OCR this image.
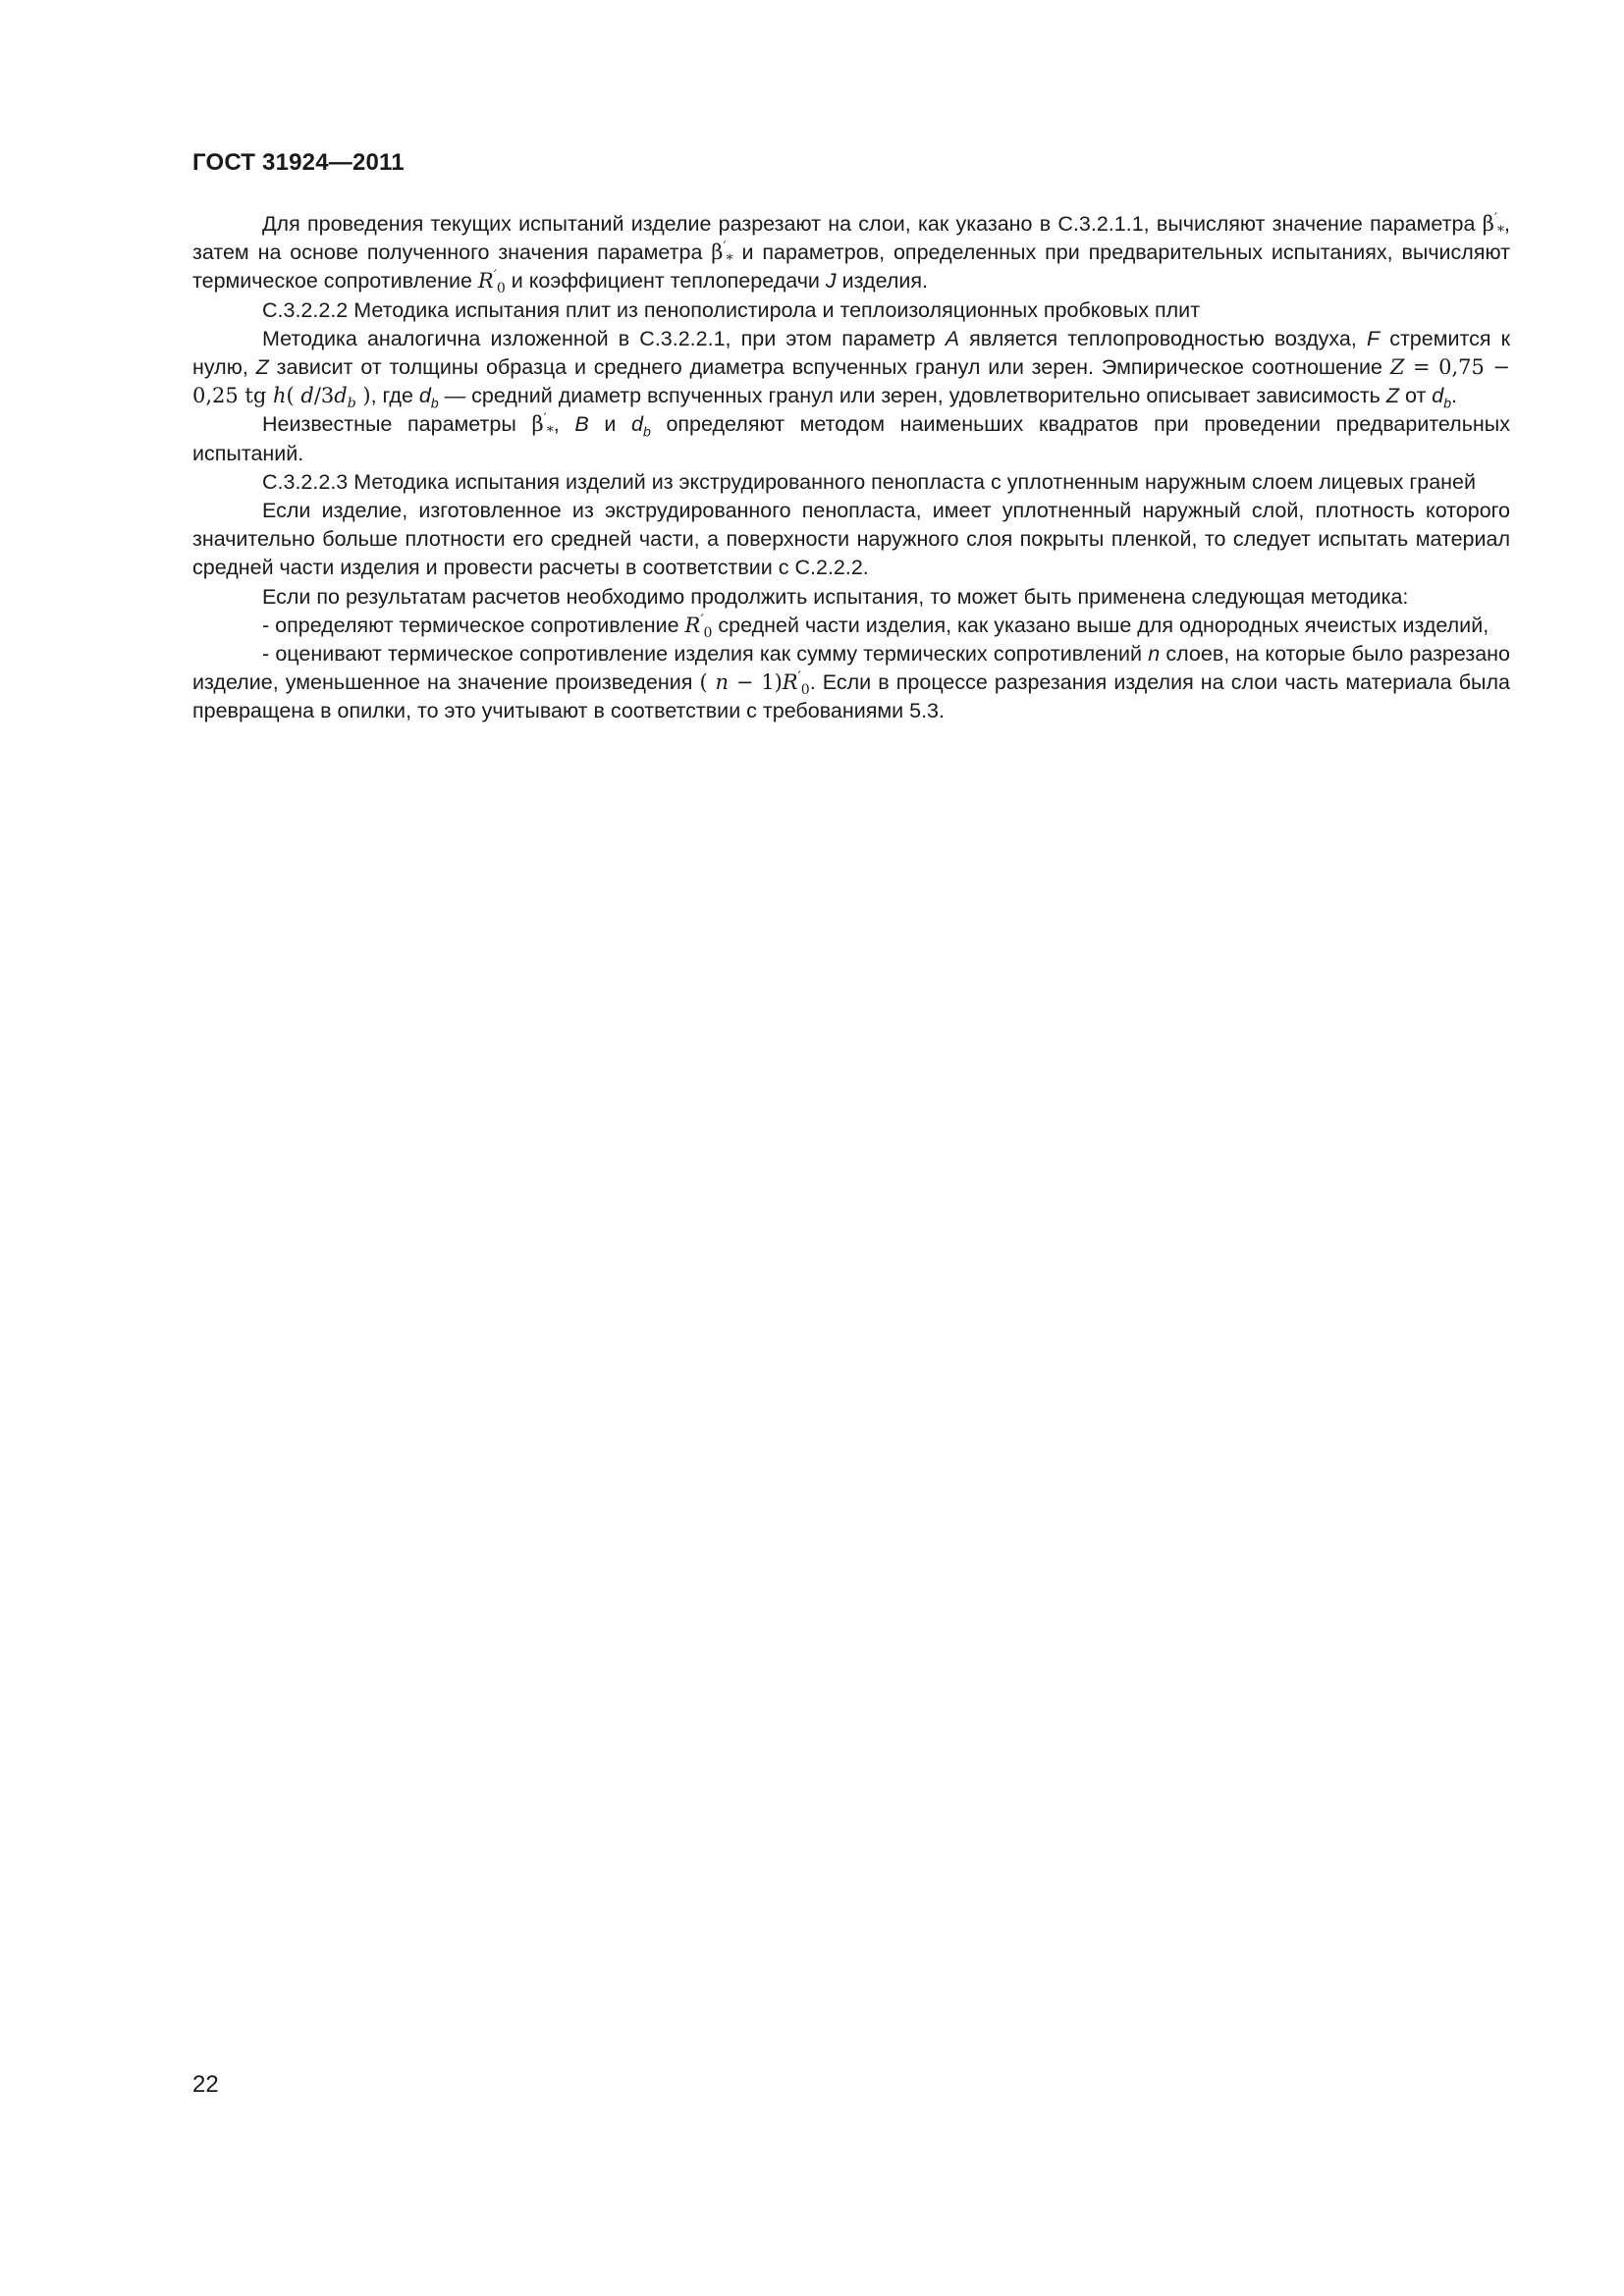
ГОСТ 31924—2011

Для проведения текущих испытаний изделие разрезают на слои, как указано в С.3.2.1.1, вычисляют значение параметра $\beta'_*$, затем на основе полученного значения параметра $\beta'_*$ и параметров, определенных при предварительных испытаниях, вычисляют термическое сопротивление $R'_0$ и коэффициент теплопередачи J изделия.

С.3.2.2.2 Методика испытания плит из пенополистирола и теплоизоляционных пробковых плит

Методика аналогична изложенной в С.3.2.2.1, при этом параметр A является теплопроводностью воздуха, F стремится к нулю, Z зависит от толщины образца и среднего диаметра вспученных гранул или зерен. Эмпирическое соотношение Z = 0,75 − 0,25 tg h( $d/3d_b$ ), где $d_b$ — средний диаметр вспученных гранул или зерен, удовлетворительно описывает зависимость Z от $d_b$.

Неизвестные параметры $\beta'_*$, B и $d_b$ определяют методом наименьших квадратов при проведении предварительных испытаний.

С.3.2.2.3 Методика испытания изделий из экструдированного пенопласта с уплотненным наружным слоем лицевых граней

Если изделие, изготовленное из экструдированного пенопласта, имеет уплотненный наружный слой, плотность которого значительно больше плотности его средней части, а поверхности наружного слоя покрыты пленкой, то следует испытать материал средней части изделия и провести расчеты в соответствии с С.2.2.2.

Если по результатам расчетов необходимо продолжить испытания, то может быть применена следующая методика:

- определяют термическое сопротивление $R'_0$ средней части изделия, как указано выше для однородных ячеистых изделий,

- оценивают термическое сопротивление изделия как сумму термических сопротивлений n слоев, на которые было разрезано изделие, уменьшенное на значение произведения ( $n - 1)R'_0$. Если в процессе разрезания изделия на слои часть материала была превращена в опилки, то это учитывают в соответствии с требованиями 5.3.

22
